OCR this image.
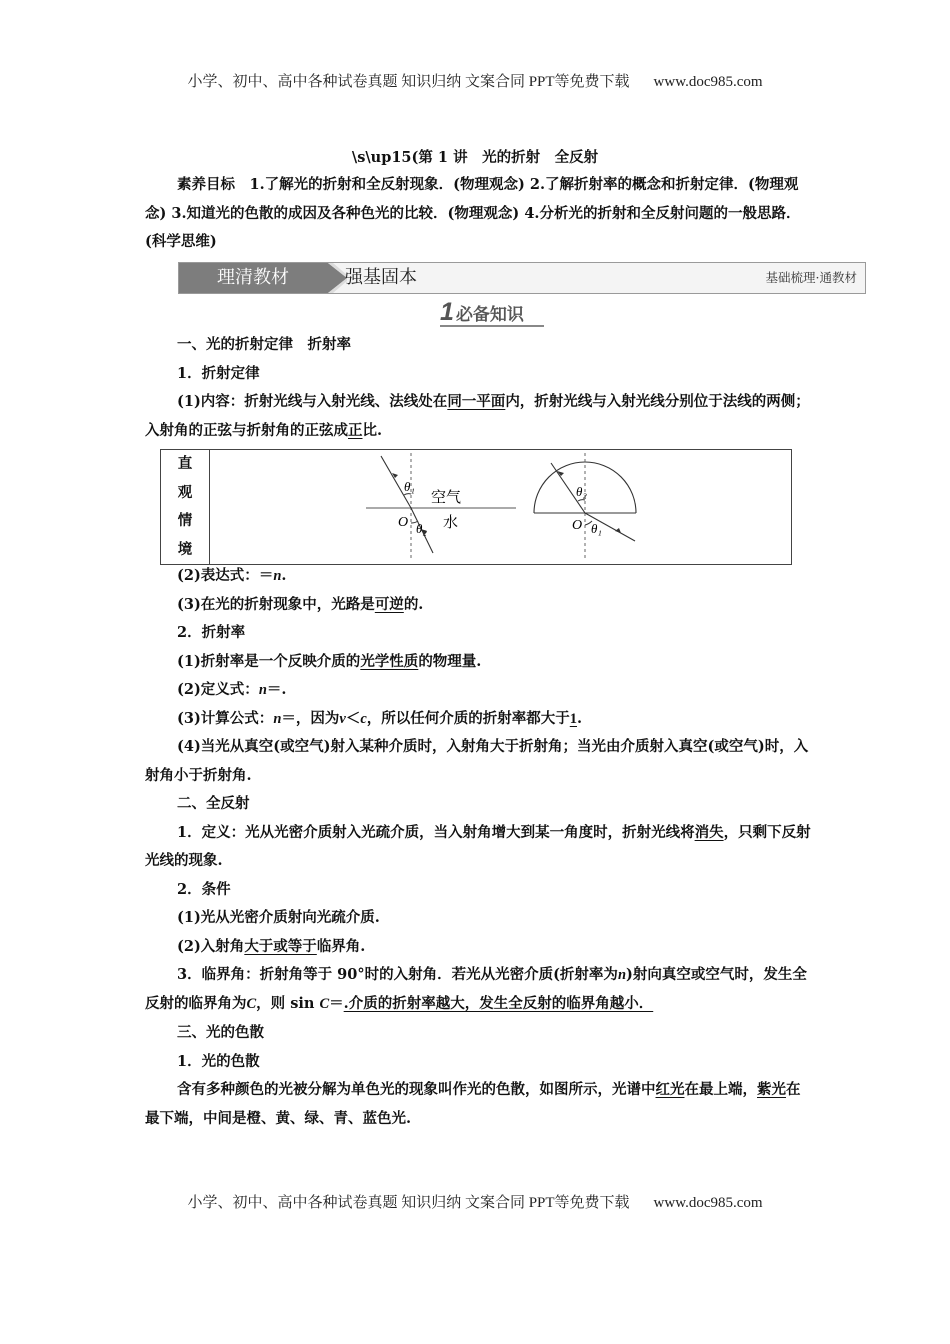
小学、初中、高中各种试卷真题 知识归纳 文案合同 PPT等免费下载 www.doc985.com
\s\up15(第 1 讲　光的折射　全反射

素养目标　 1.了解光的折射和全反射现象．(物理观念) 2.了解折射率的概念和折射定律．(物理观念) 3.知道光的色散的成因及各种色光的比较．(物理观念) 4.分析光的折射和全反射问题的一般思路．(科学思维)

理清教材	强基固本	基础梳理·通教材
1 必备知识

一、光的折射定律　折射率

1．折射定律

(1)内容：折射光线与入射光线、法线处在同一平面内，折射光线与入射光线分别位于法线的两侧；入射角的正弦与折射角的正弦成正比.

直
观
情
境
θ₁
θ₂
空气
水
O
θ₂
θ₁
O

(2)表达式：＝n.

(3)在光的折射现象中，光路是可逆的.

2．折射率

(1)折射率是一个反映介质的光学性质的物理量.

(2)定义式：n＝.

(3)计算公式：n＝，因为v＜c，所以任何介质的折射率都大于1.

(4)当光从真空(或空气)射入某种介质时，入射角大于折射角；当光由介质射入真空(或空气)时，入射角小于折射角.

二、全反射

1．定义：光从光密介质射入光疏介质，当入射角增大到某一角度时，折射光线将消失，只剩下反射光线的现象.

2．条件

(1)光从光密介质射向光疏介质.

(2)入射角大于或等于临界角.

3．临界角：折射角等于 90°时的入射角．若光从光密介质(折射率为n)射向真空或空气时，发生全反射的临界角为C，则 sin C＝.介质的折射率越大，发生全反射的临界角越小．

三、光的色散

1．光的色散

含有多种颜色的光被分解为单色光的现象叫作光的色散，如图所示，光谱中红光在最上端，紫光在最下端，中间是橙、黄、绿、青、蓝色光.

小学、初中、高中各种试卷真题 知识归纳 文案合同 PPT等免费下载 www.doc985.com
